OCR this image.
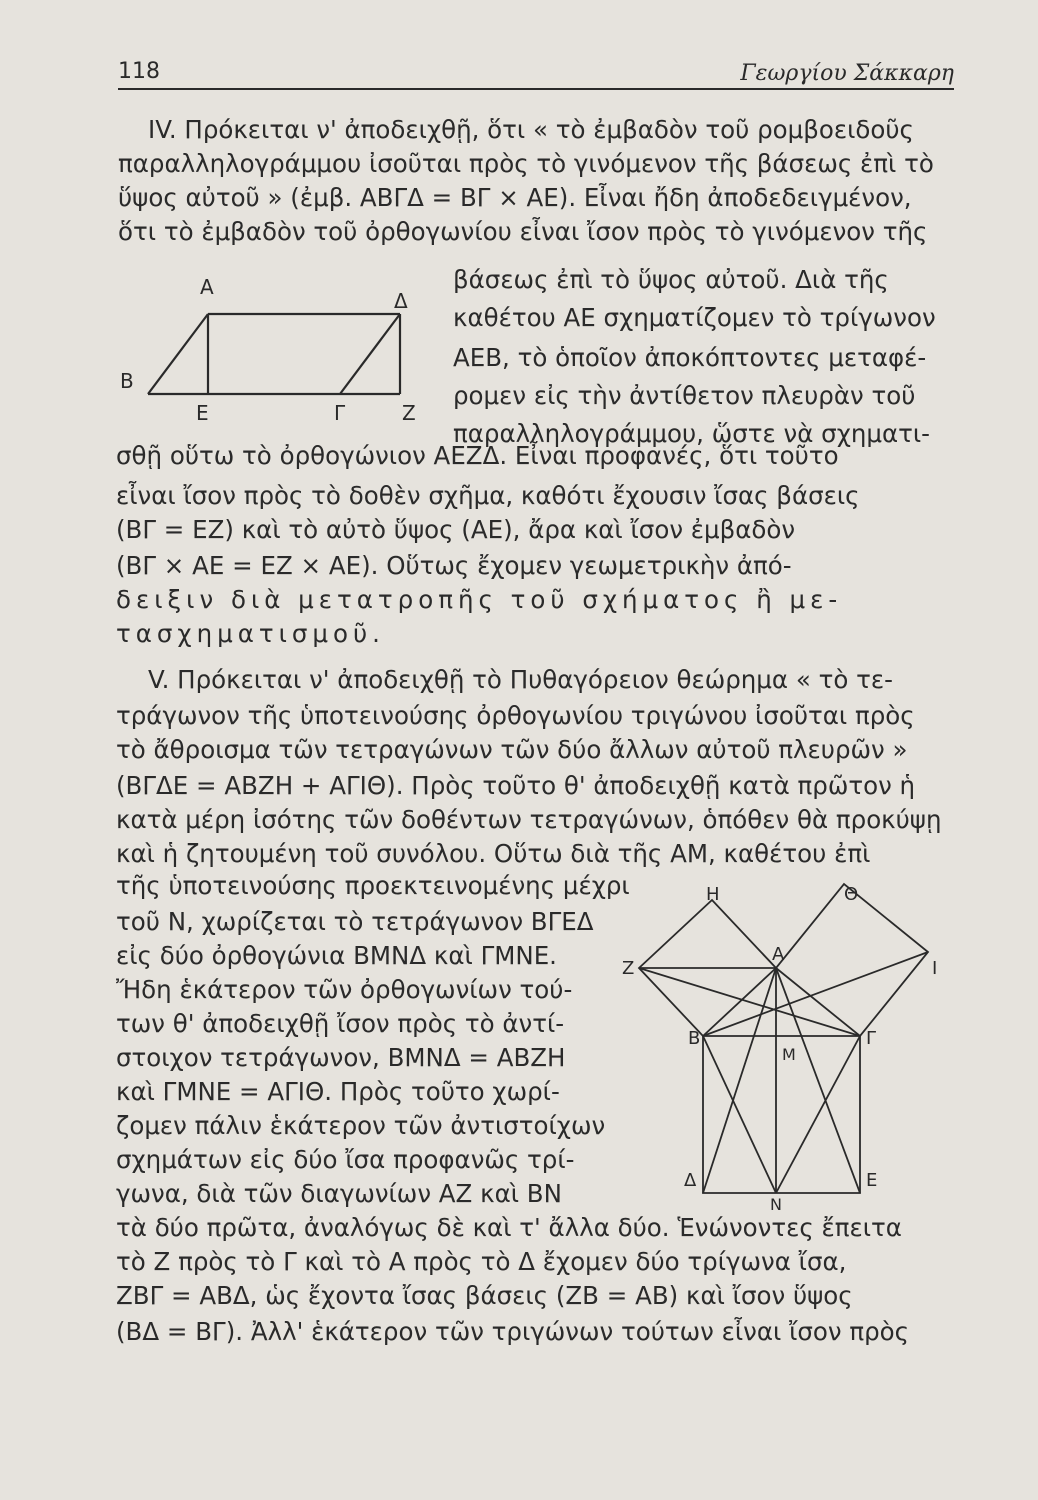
118	Γεωργίου Σάκκαρη
IV. Πρόκειται ν' ἀποδειχθῇ, ὅτι « τὸ ἐμβαδὸν τοῦ ρομβοειδοῦς
παραλληλογράμμου ἰσοῦται πρὸς τὸ γινόμενον τῆς βάσεως ἐπὶ τὸ
ὕψος αὐτοῦ » (ἐμβ. ΑΒΓΔ = ΒΓ × ΑΕ). Εἶναι ἤδη ἀποδεδειγμένον,
ὅτι τὸ ἐμβαδὸν τοῦ ὀρθογωνίου εἶναι ἴσον πρὸς τὸ γινόμενον τῆς
βάσεως ἐπὶ τὸ ὕψος αὐτοῦ. Διὰ τῆς
καθέτου ΑΕ σχηματίζομεν τὸ τρίγωνον
ΑΕΒ, τὸ ὁποῖον ἀποκόπτοντες μεταφέ-
ρομεν εἰς τὴν ἀντίθετον πλευρὰν τοῦ
παραλληλογράμμου, ὥστε νὰ σχηματι-
σθῇ οὕτω τὸ ὀρθογώνιον ΑΕΖΔ. Εἶναι προφανές, ὅτι τοῦτο
εἶναι ἴσον πρὸς τὸ δοθὲν σχῆμα, καθότι ἔχουσιν ἴσας βάσεις
(ΒΓ = ΕΖ) καὶ τὸ αὐτὸ ὕψος (ΑΕ), ἄρα καὶ ἴσον ἐμβαδὸν
(ΒΓ × ΑΕ = ΕΖ × ΑΕ). Οὕτως ἔχομεν γεωμετρικὴν ἀπό-
δειξιν διὰ μετατροπῆς τοῦ σχήματος ἢ με-
τασχηματισμοῦ.
V. Πρόκειται ν' ἀποδειχθῇ τὸ Πυθαγόρειον θεώρημα « τὸ τε-
τράγωνον τῆς ὑποτεινούσης ὀρθογωνίου τριγώνου ἰσοῦται πρὸς
τὸ ἄθροισμα τῶν τετραγώνων τῶν δύο ἄλλων αὐτοῦ πλευρῶν »
(ΒΓΔΕ = ΑΒΖΗ + ΑΓΙΘ). Πρὸς τοῦτο θ' ἀποδειχθῇ κατὰ πρῶτον ἡ
κατὰ μέρη ἰσότης τῶν δοθέντων τετραγώνων, ὁπόθεν θὰ προκύψῃ
καὶ ἡ ζητουμένη τοῦ συνόλου. Οὕτω διὰ τῆς ΑΜ, καθέτου ἐπὶ
τῆς ὑποτεινούσης προεκτεινομένης μέχρι
τοῦ Ν, χωρίζεται τὸ τετράγωνον ΒΓΕΔ
εἰς δύο ὀρθογώνια ΒΜΝΔ καὶ ΓΜΝΕ.
Ἤδη ἑκάτερον τῶν ὀρθογωνίων τού-
των θ' ἀποδειχθῇ ἴσον πρὸς τὸ ἀντί-
στοιχον τετράγωνον, ΒΜΝΔ = ΑΒΖΗ
καὶ ΓΜΝΕ = ΑΓΙΘ. Πρὸς τοῦτο χωρί-
ζομεν πάλιν ἑκάτερον τῶν ἀντιστοίχων
σχημάτων εἰς δύο ἴσα προφανῶς τρί-
γωνα, διὰ τῶν διαγωνίων ΑΖ καὶ ΒΝ
τὰ δύο πρῶτα, ἀναλόγως δὲ καὶ τ' ἄλλα δύο. Ἑνώνοντες ἔπειτα
τὸ Ζ πρὸς τὸ Γ καὶ τὸ Α πρὸς τὸ Δ ἔχομεν δύο τρίγωνα ἴσα,
ΖΒΓ = ΑΒΔ, ὡς ἔχοντα ἴσας βάσεις (ΖΒ = ΑΒ) καὶ ἴσον ὕψος
(ΒΔ = ΒΓ). Ἀλλ' ἑκάτερον τῶν τριγώνων τούτων εἶναι ἴσον πρὸς
Α
Δ
Β
Ε	Γ	Ζ
Η	Θ
Ζ
Α
Ι
Β
Μ
Γ
Δ
Ν
Ε
